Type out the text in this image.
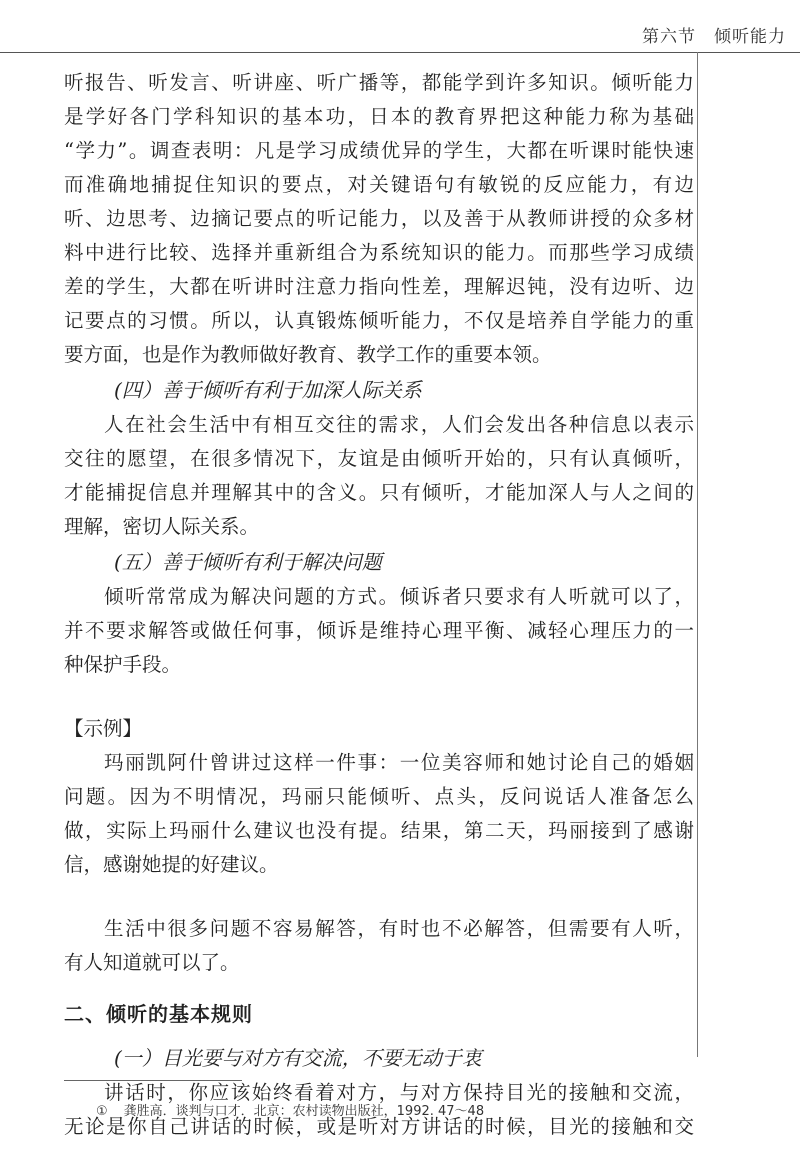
第六节　倾听能力
听报告、听发言、听讲座、听广播等，都能学到许多知识。倾听能力
是学好各门学科知识的基本功，日本的教育界把这种能力称为基础
“学力”。调查表明：凡是学习成绩优异的学生，大都在听课时能快速
而准确地捕捉住知识的要点，对关键语句有敏锐的反应能力，有边
听、边思考、边摘记要点的听记能力，以及善于从教师讲授的众多材
料中进行比较、选择并重新组合为系统知识的能力。而那些学习成绩
差的学生，大都在听讲时注意力指向性差，理解迟钝，没有边听、边
记要点的习惯。所以，认真锻炼倾听能力，不仅是培养自学能力的重
要方面，也是作为教师做好教育、教学工作的重要本领。
(四）善于倾听有利于加深人际关系
人在社会生活中有相互交往的需求，人们会发出各种信息以表示
交往的愿望，在很多情况下，友谊是由倾听开始的，只有认真倾听，
才能捕捉信息并理解其中的含义。只有倾听，才能加深人与人之间的
理解，密切人际关系。
(五）善于倾听有利于解决问题
倾听常常成为解决问题的方式。倾诉者只要求有人听就可以了，
并不要求解答或做任何事，倾诉是维持心理平衡、减轻心理压力的一
种保护手段。
【示例】
玛丽凯阿什曾讲过这样一件事：一位美容师和她讨论自己的婚姻
问题。因为不明情况，玛丽只能倾听、点头，反问说话人准备怎么
做，实际上玛丽什么建议也没有提。结果，第二天，玛丽接到了感谢
信，感谢她提的好建议。
生活中很多问题不容易解答，有时也不必解答，但需要有人听，
有人知道就可以了。
二、倾听的基本规则
(一）目光要与对方有交流，不要无动于衷
讲话时，你应该始终看着对方，与对方保持目光的接触和交流，
无论是你自己讲话的时候，或是听对方讲话的时候，目光的接触和交
① 龚胜高．谈判与口才．北京：农村读物出版社，1992. 47～48
